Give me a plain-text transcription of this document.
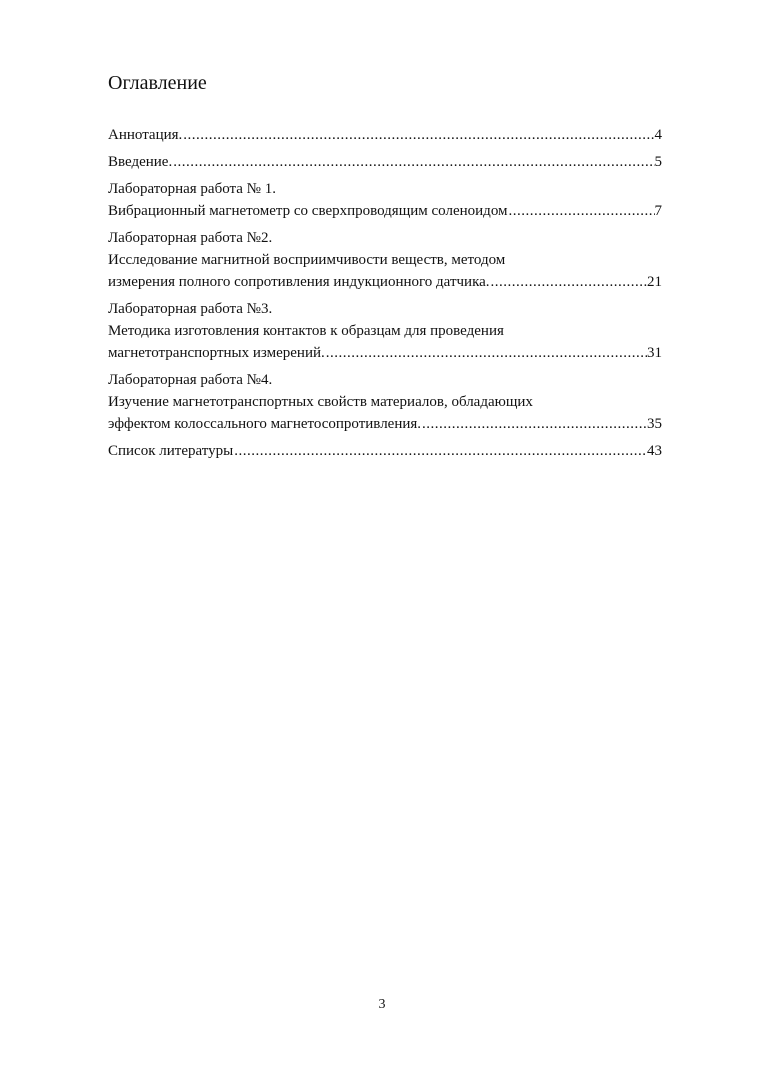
Оглавление
Аннотация. .....	4
Введение. .....	5
Лабораторная работа № 1.
Вибрационный магнетометр со сверхпроводящим соленоидом .....	7
Лабораторная работа №2.
Исследование магнитной восприимчивости веществ, методом
измерения полного сопротивления индукционного датчика. .....	21
Лабораторная работа №3.
Методика изготовления контактов к образцам для проведения
магнетотранспортных измерений. .....	31
Лабораторная работа №4.
Изучение магнетотранспортных свойств материалов, обладающих
эффектом колоссального магнетосопротивления. .....	35
Список литературы .....	43
3
